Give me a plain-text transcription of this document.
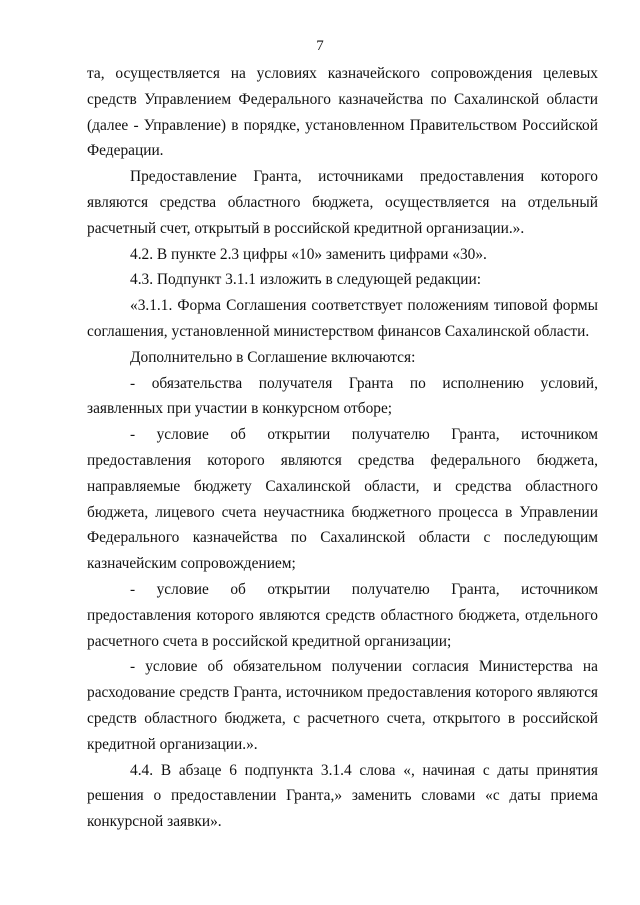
7

та, осуществляется на условиях казначейского сопровождения целевых средств Управлением Федерального казначейства по Сахалинской области (далее - Управление) в порядке, установленном Правительством Российской Федерации.

Предоставление Гранта, источниками предоставления которого являются средства областного бюджета, осуществляется на отдельный расчетный счет, открытый в российской кредитной организации.».

4.2. В пункте 2.3 цифры «10» заменить цифрами «30».

4.3. Подпункт 3.1.1 изложить в следующей редакции:

«3.1.1. Форма Соглашения соответствует положениям типовой формы соглашения, установленной министерством финансов Сахалинской области.

Дополнительно в Соглашение включаются:

- обязательства получателя Гранта по исполнению условий, заявленных при участии в конкурсном отборе;

- условие об открытии получателю Гранта, источником предоставления которого являются средства федерального бюджета, направляемые бюджету Сахалинской области, и средства областного бюджета, лицевого счета неучастника бюджетного процесса в Управлении Федерального казначейства по Сахалинской области с последующим казначейским сопровождением;

- условие об открытии получателю Гранта, источником предоставления которого являются средств областного бюджета, отдельного расчетного счета в российской кредитной организации;

- условие об обязательном получении согласия Министерства на расходование средств Гранта, источником предоставления которого являются средств областного бюджета, с расчетного счета, открытого в российской кредитной организации.».

4.4. В абзаце 6 подпункта 3.1.4 слова «, начиная с даты принятия решения о предоставлении Гранта,» заменить словами «с даты приема конкурсной заявки».
